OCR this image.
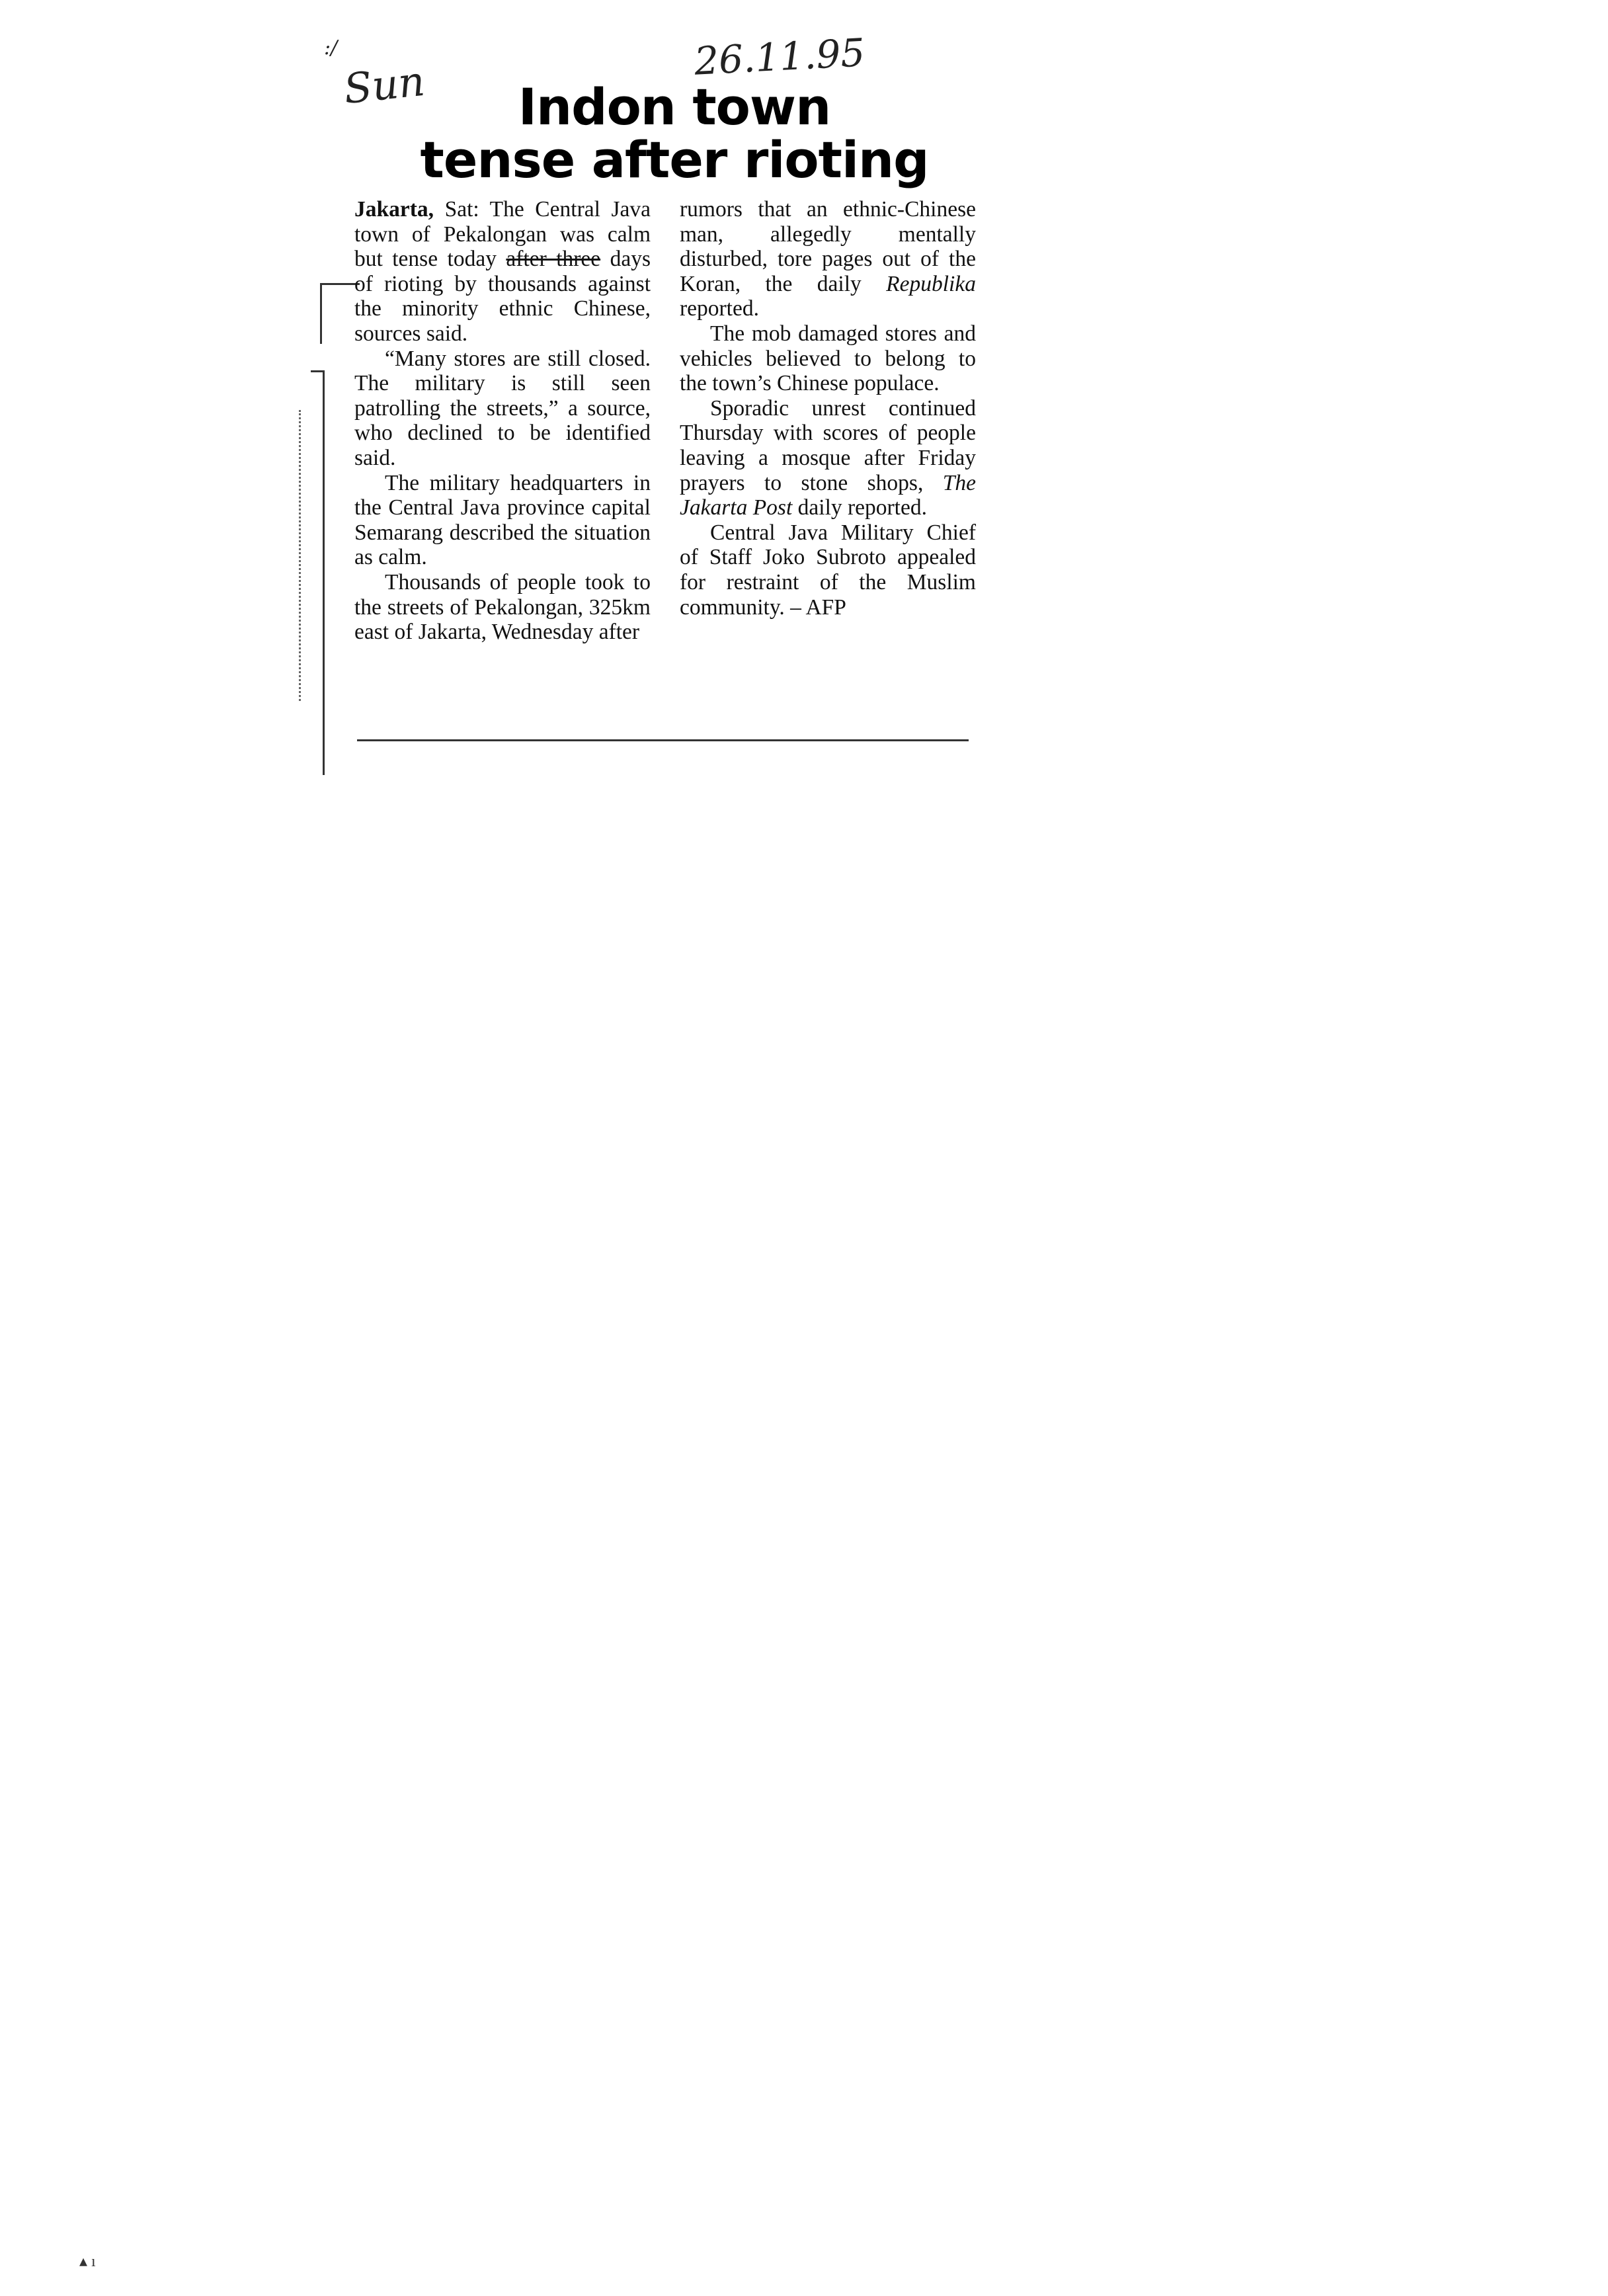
Sun	26.11.95
:/
Indon town
tense after rioting

Jakarta, Sat: The Central Java town of Pekalongan was calm but tense today after three days of rioting by thousands against the minority ethnic Chinese, sources said.

“Many stores are still closed. The military is still seen patrolling the streets,” a source, who declined to be identified said.

The military headquarters in the Central Java province capital Semarang described the situation as calm.

Thousands of people took to the streets of Pekalongan, 325km east of Jakarta, Wednesday after

rumors that an ethnic-Chinese man, allegedly mentally disturbed, tore pages out of the Koran, the daily Republika reported.

The mob damaged stores and vehicles believed to belong to the town’s Chinese populace.

Sporadic unrest continued Thursday with scores of people leaving a mosque after Friday prayers to stone shops, The Jakarta Post daily reported.

Central Java Military Chief of Staff Joko Subroto appealed for restraint of the Muslim community. – AFP

▴ ı
